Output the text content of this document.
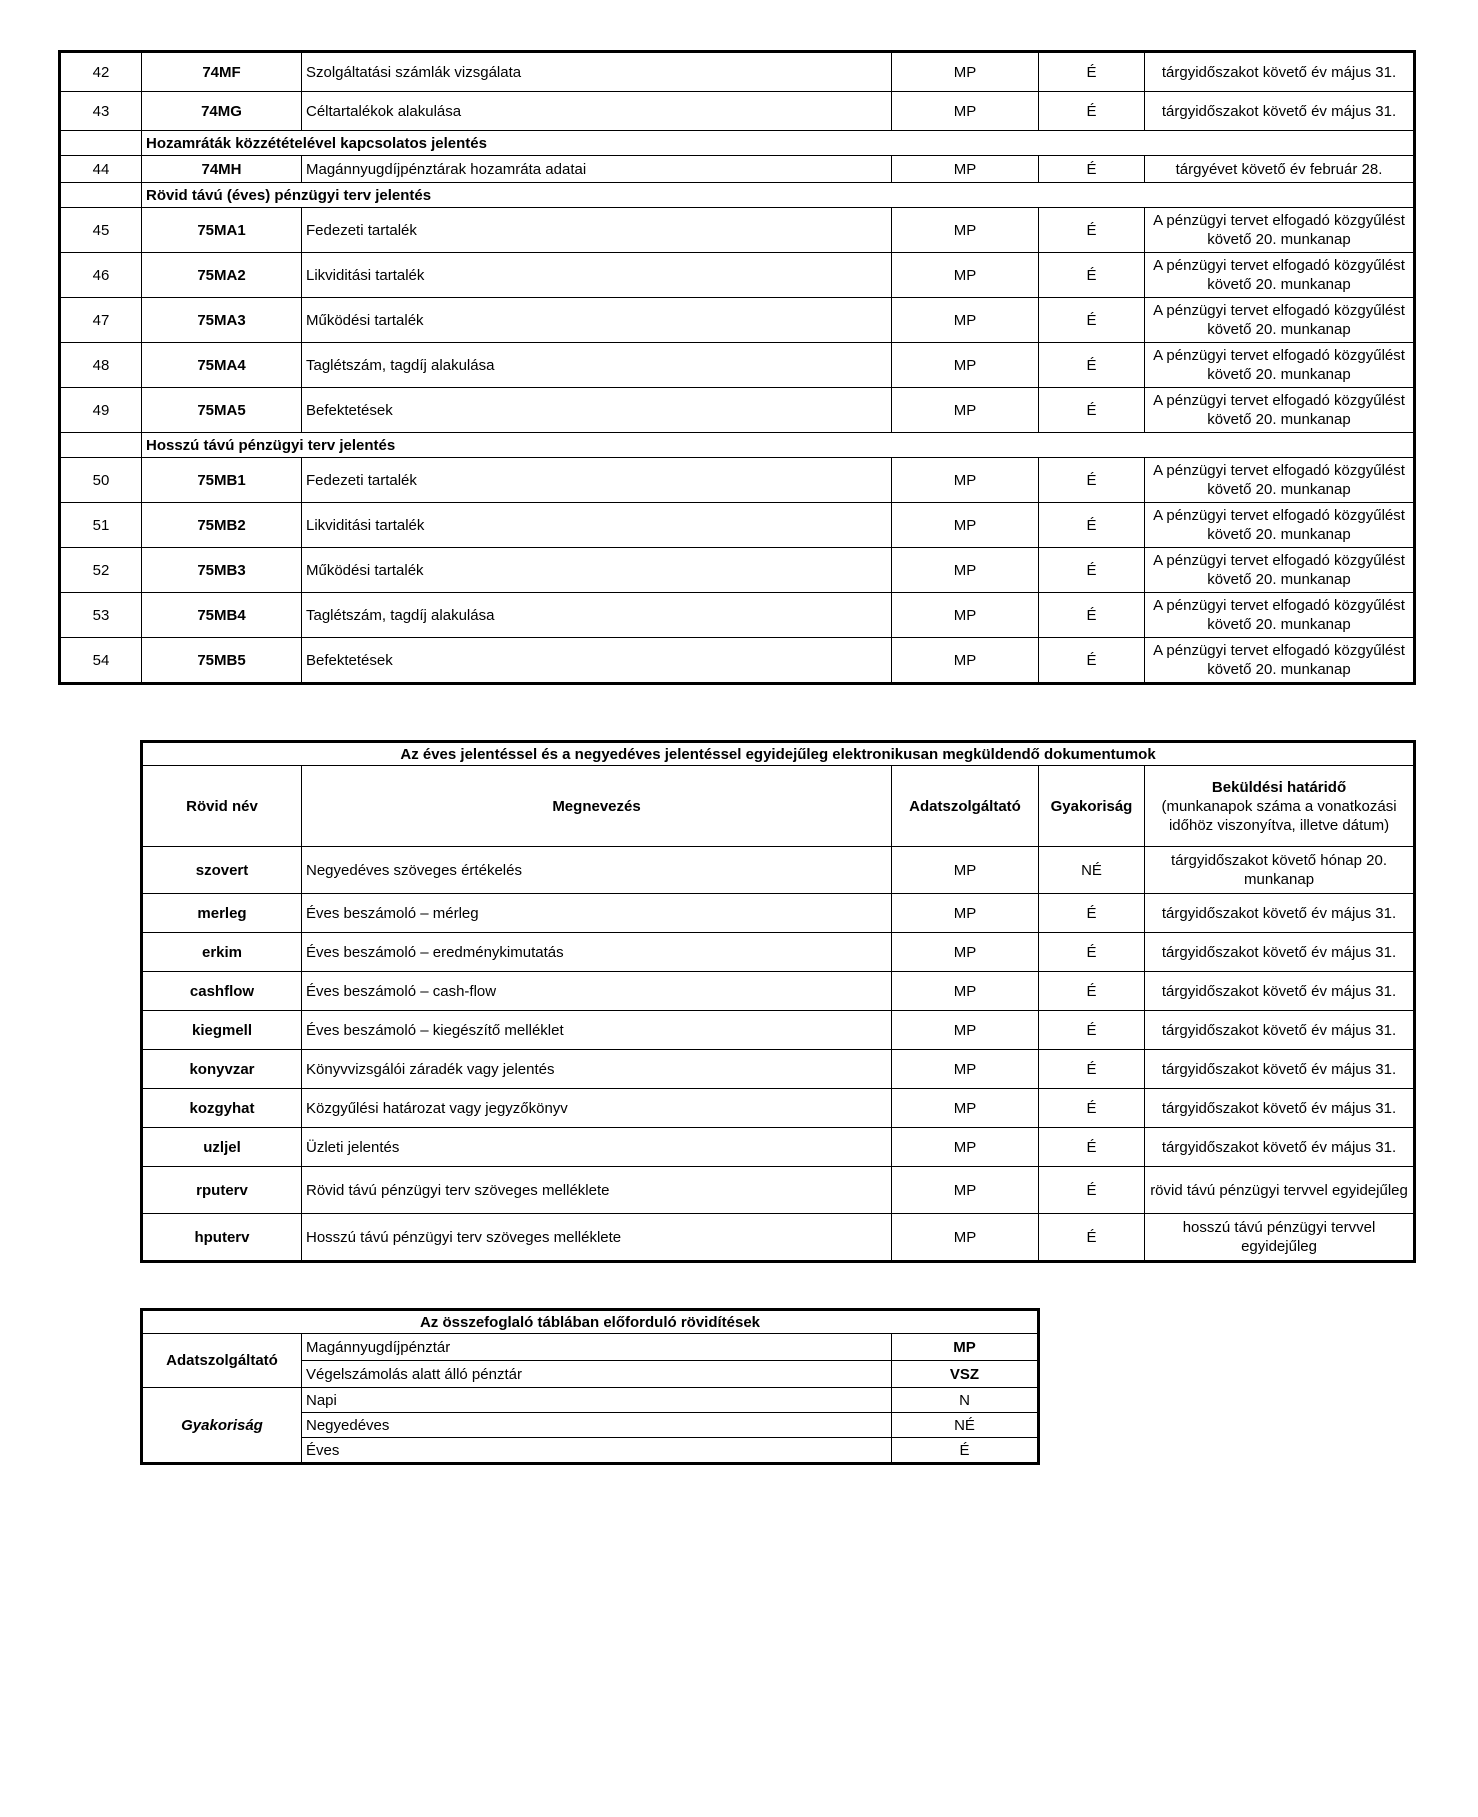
42	74MF	Szolgáltatási számlák vizsgálata	MP	É	tárgyidőszakot követő év május 31.
43	74MG	Céltartalékok alakulása	MP	É	tárgyidőszakot követő év május 31.
	Hozamráták közzétételével kapcsolatos jelentés				
44	74MH	Magánnyugdíjpénztárak hozamráta adatai	MP	É	tárgyévet követő év február 28.
	Rövid távú (éves) pénzügyi terv jelentés				
45	75MA1	Fedezeti tartalék	MP	É	A pénzügyi tervet elfogadó közgyűlést követő 20. munkanap
46	75MA2	Likviditási tartalék	MP	É	A pénzügyi tervet elfogadó közgyűlést követő 20. munkanap
47	75MA3	Működési tartalék	MP	É	A pénzügyi tervet elfogadó közgyűlést követő 20. munkanap
48	75MA4	Taglétszám, tagdíj alakulása	MP	É	A pénzügyi tervet elfogadó közgyűlést követő 20. munkanap
49	75MA5	Befektetések	MP	É	A pénzügyi tervet elfogadó közgyűlést követő 20. munkanap
	Hosszú távú pénzügyi terv jelentés				
50	75MB1	Fedezeti tartalék	MP	É	A pénzügyi tervet elfogadó közgyűlést követő 20. munkanap
51	75MB2	Likviditási tartalék	MP	É	A pénzügyi tervet elfogadó közgyűlést követő 20. munkanap
52	75MB3	Működési tartalék	MP	É	A pénzügyi tervet elfogadó közgyűlést követő 20. munkanap
53	75MB4	Taglétszám, tagdíj alakulása	MP	É	A pénzügyi tervet elfogadó közgyűlést követő 20. munkanap
54	75MB5	Befektetések	MP	É	A pénzügyi tervet elfogadó közgyűlést követő 20. munkanap
Az éves jelentéssel és a negyedéves jelentéssel egyidejűleg elektronikusan megküldendő dokumentumok				
Rövid név	Megnevezés	Adatszolgáltató	Gyakoriság	Beküldési határidő
(munkanapok száma a vonatkozási időhöz viszonyítva, illetve dátum)

szovert	Negyedéves szöveges értékelés	MP	NÉ	tárgyidőszakot követő hónap 20. munkanap
merleg	Éves beszámoló – mérleg	MP	É	tárgyidőszakot követő év május 31.
erkim	Éves beszámoló – eredménykimutatás	MP	É	tárgyidőszakot követő év május 31.
cashflow	Éves beszámoló – cash-flow	MP	É	tárgyidőszakot követő év május 31.
kiegmell	Éves beszámoló – kiegészítő melléklet	MP	É	tárgyidőszakot követő év május 31.
konyvzar	Könyvvizsgálói záradék vagy jelentés	MP	É	tárgyidőszakot követő év május 31.
kozgyhat	Közgyűlési határozat vagy jegyzőkönyv	MP	É	tárgyidőszakot követő év május 31.
uzljel	Üzleti jelentés	MP	É	tárgyidőszakot követő év május 31.
rputerv	Rövid távú pénzügyi terv szöveges melléklete	MP	É	rövid távú pénzügyi tervvel egyidejűleg
hputerv	Hosszú távú pénzügyi terv szöveges melléklete	MP	É	hosszú távú pénzügyi tervvel egyidejűleg
Az összefoglaló táblában előforduló rövidítések		
Adatszolgáltató	Magánnyugdíjpénztár	MP
	Végelszámolás alatt álló pénztár	VSZ
Gyakoriság	Napi	N
	Negyedéves	NÉ
	Éves	É
